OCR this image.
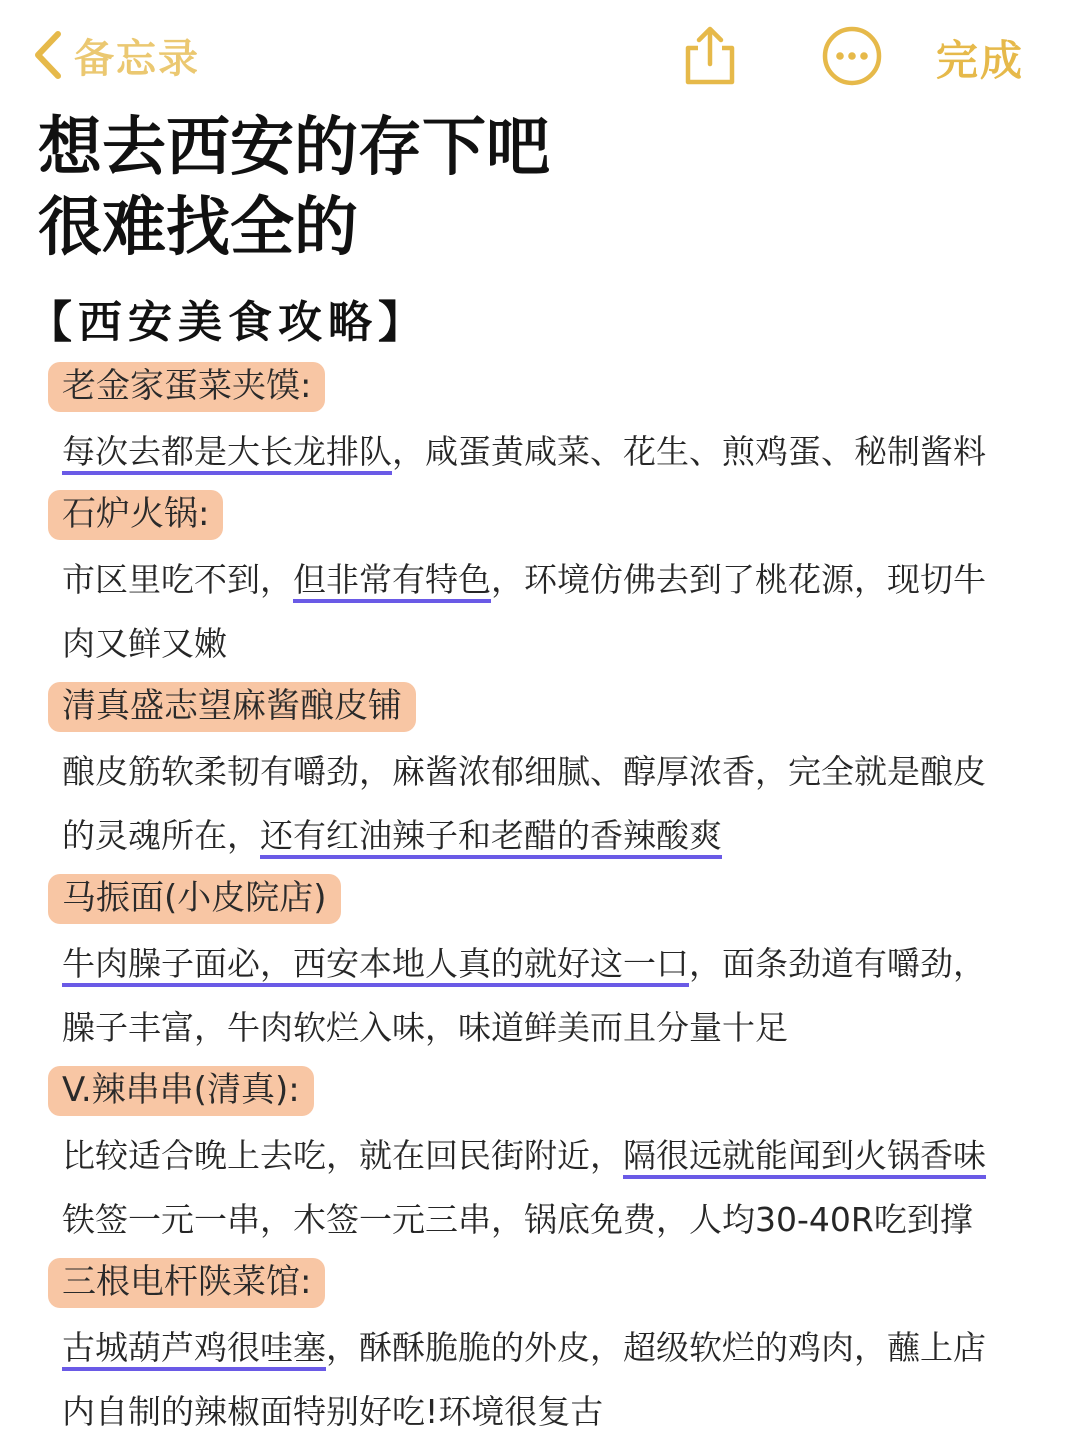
备忘录	完成
想去西安的存下吧
很难找全的
【西安美食攻略】
老金家蛋菜夹馍:
每次去都是大长龙排队，咸蛋黄咸菜、花生、煎鸡蛋、秘制酱料
石炉火锅:
市区里吃不到，但非常有特色，环境仿佛去到了桃花源，现切牛
肉又鲜又嫩
清真盛志望麻酱酿皮铺
酿皮筋软柔韧有嚼劲，麻酱浓郁细腻、醇厚浓香，完全就是酿皮
的灵魂所在，还有红油辣子和老醋的香辣酸爽
马振面(小皮院店)
牛肉臊子面必，西安本地人真的就好这一口，面条劲道有嚼劲，
臊子丰富，牛肉软烂入味，味道鲜美而且分量十足
V.辣串串(清真):
比较适合晚上去吃，就在回民街附近，隔很远就能闻到火锅香味
铁签一元一串，木签一元三串，锅底免费，人均30-40R吃到撑
三根电杆陕菜馆:
古城葫芦鸡很哇塞，酥酥脆脆的外皮，超级软烂的鸡肉，蘸上店
内自制的辣椒面特别好吃!环境很复古
